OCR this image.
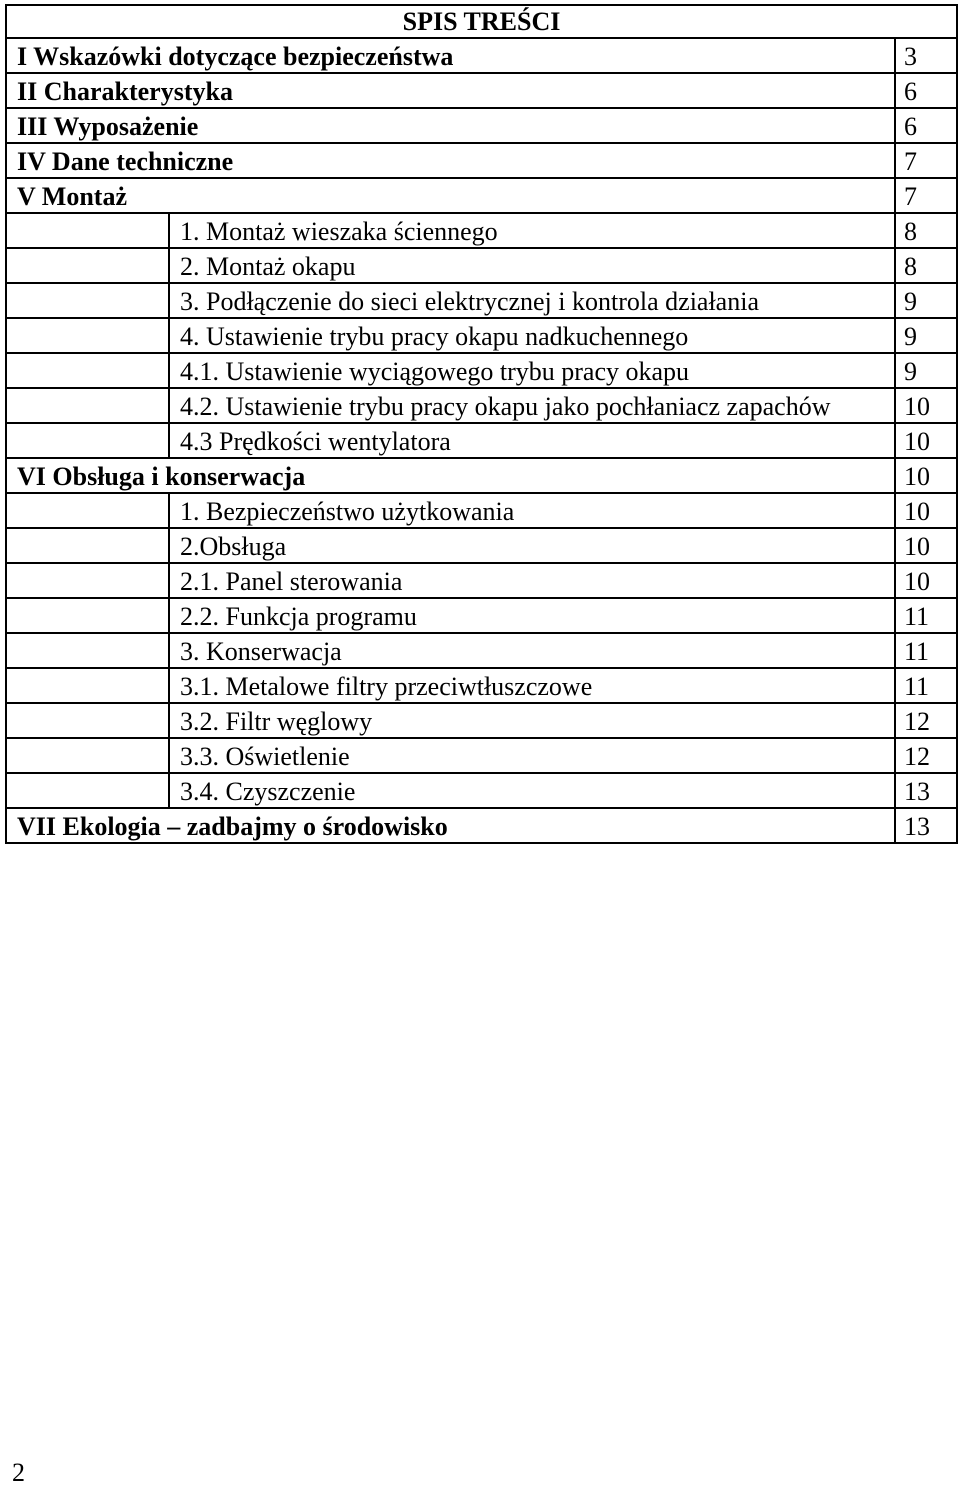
SPIS TREŚCI		
I Wskazówki dotyczące bezpieczeństwa		3
II Charakterystyka		6
III Wyposażenie		6
IV Dane techniczne		7
V Montaż		7
	1. Montaż wieszaka ściennego	8
	2. Montaż okapu	8
	3. Podłączenie do sieci elektrycznej i kontrola działania	9
	4. Ustawienie trybu pracy okapu nadkuchennego	9
	4.1. Ustawienie wyciągowego trybu pracy okapu	9
	4.2. Ustawienie trybu pracy okapu jako pochłaniacz zapachów	10
	4.3 Prędkości wentylatora	10
VI Obsługa i konserwacja		10
	1. Bezpieczeństwo użytkowania	10
	2.Obsługa	10
	2.1. Panel sterowania	10
	2.2. Funkcja programu	11
	3. Konserwacja	11
	3.1. Metalowe filtry przeciwtłuszczowe	11
	3.2. Filtr węglowy	12
	3.3. Oświetlenie	12
	3.4. Czyszczenie	13
VII Ekologia – zadbajmy o środowisko		13
2
